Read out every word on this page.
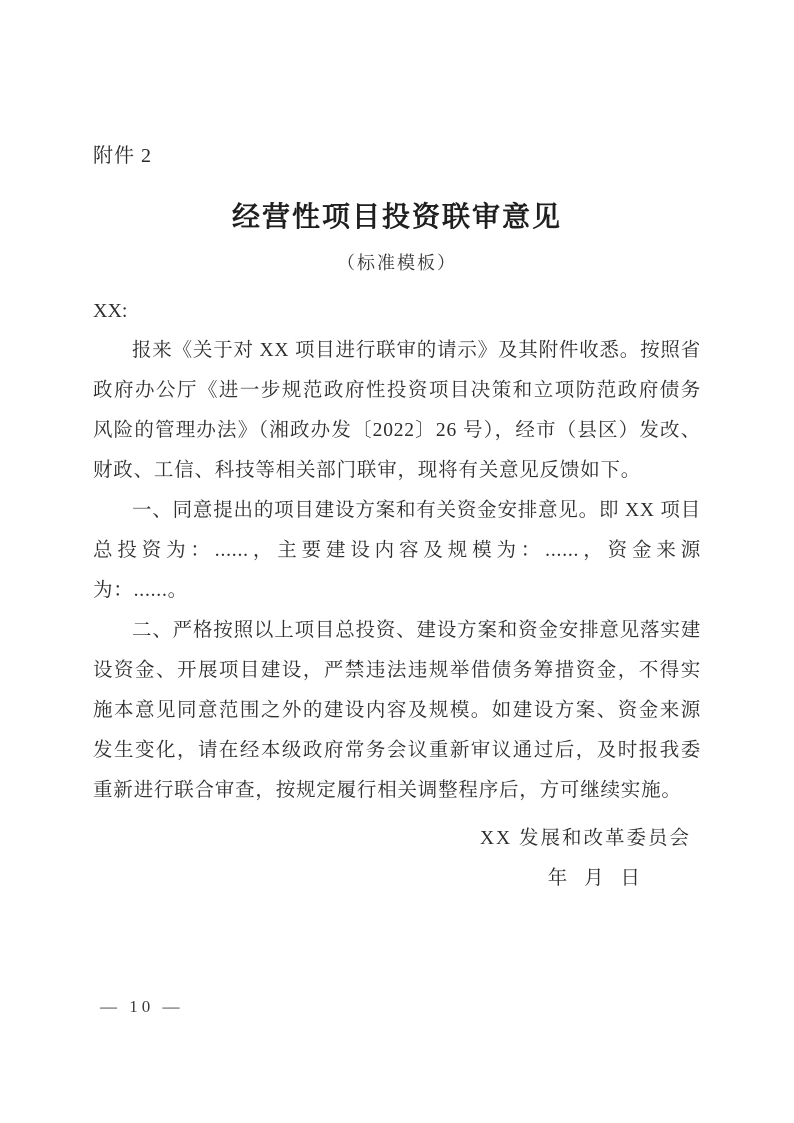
附件 2
经营性项目投资联审意见
（标准模板）
XX:

报来《关于对 XX 项目进行联审的请示》及其附件收悉。按照省政府办公厅《进一步规范政府性投资项目决策和立项防范政府债务风险的管理办法》（湘政办发〔2022〕26 号），经市（县区）发改、财政、工信、科技等相关部门联审，现将有关意见反馈如下。

一、同意提出的项目建设方案和有关资金安排意见。即 XX 项目总投资为：......，主要建设内容及规模为：......，资金来源为：......。

二、严格按照以上项目总投资、建设方案和资金安排意见落实建设资金、开展项目建设，严禁违法违规举借债务筹措资金，不得实施本意见同意范围之外的建设内容及规模。如建设方案、资金来源发生变化，请在经本级政府常务会议重新审议通过后，及时报我委重新进行联合审查，按规定履行相关调整程序后，方可继续实施。

XX 发展和改革委员会
年 月 日
— 10 —
